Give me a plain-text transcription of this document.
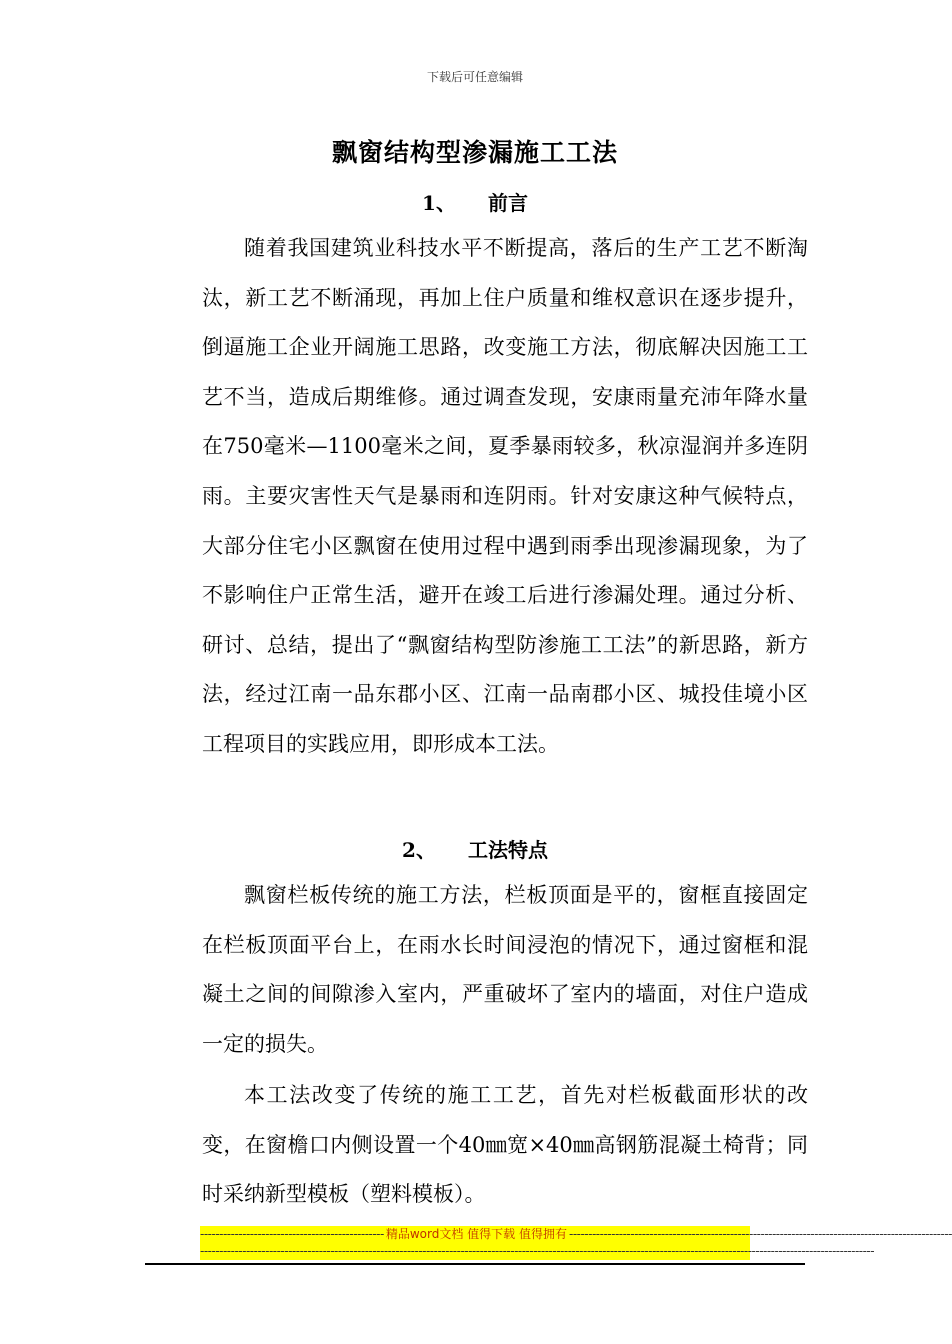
下载后可任意编辑
飘窗结构型渗漏施工工法
1、 前言

随着我国建筑业科技水平不断提高，落后的生产工艺不断淘汰，新工艺不断涌现，再加上住户质量和维权意识在逐步提升，倒逼施工企业开阔施工思路，改变施工方法，彻底解决因施工工艺不当，造成后期维修。通过调查发现，安康雨量充沛年降水量在750毫米—1100毫米之间，夏季暴雨较多，秋凉湿润并多连阴雨。主要灾害性天气是暴雨和连阴雨。针对安康这种气候特点，大部分住宅小区飘窗在使用过程中遇到雨季出现渗漏现象，为了不影响住户正常生活，避开在竣工后进行渗漏处理。通过分析、研讨、总结，提出了“飘窗结构型防渗施工工法”的新思路，新方法，经过江南一品东郡小区、江南一品南郡小区、城投佳境小区工程项目的实践应用，即形成本工法。

2、 工法特点

飘窗栏板传统的施工方法，栏板顶面是平的，窗框直接固定在栏板顶面平台上，在雨水长时间浸泡的情况下，通过窗框和混凝土之间的间隙渗入室内，严重破坏了室内的墙面，对住户造成一定的损失。

本工法改变了传统的施工工艺，首先对栏板截面形状的改变，在窗檐口内侧设置一个40㎜宽×40㎜高钢筋混凝土椅背；同时采纳新型模板（塑料模板）。

------------------------------------------------ 精品word文档 值得下载 值得拥有 ----------------------------------------------------------------------------------------------------
--------------------------------------------------------------------------------------------------------------------------------------------------------------------------------
